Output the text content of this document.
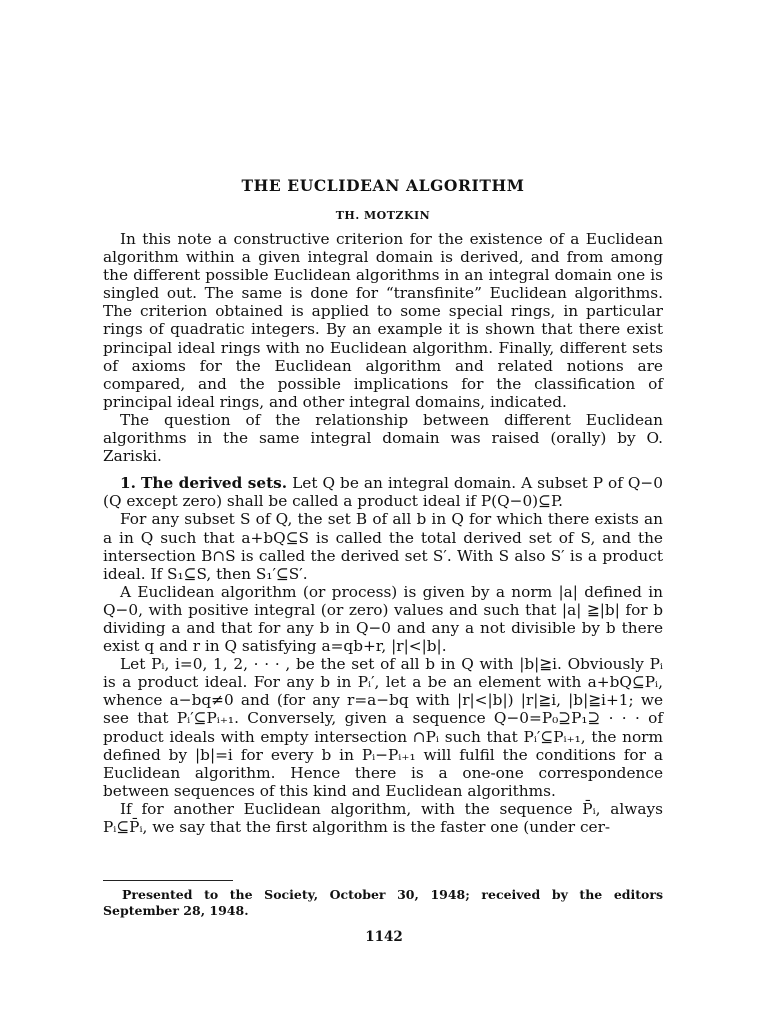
THE EUCLIDEAN ALGORITHM
TH. MOTZKIN

In this note a constructive criterion for the existence of a Euclidean algorithm within a given integral domain is derived, and from among the different possible Euclidean algorithms in an integral domain one is singled out. The same is done for “transfinite” Euclidean algorithms. The criterion obtained is applied to some special rings, in particular rings of quadratic integers. By an example it is shown that there exist principal ideal rings with no Euclidean algorithm. Finally, different sets of axioms for the Euclidean algorithm and related notions are compared, and the possible implications for the classification of principal ideal rings, and other integral domains, indicated.

The question of the relationship between different Euclidean algorithms in the same integral domain was raised (orally) by O. Zariski.

1. The derived sets. Let Q be an integral domain. A subset P of Q−0 (Q except zero) shall be called a product ideal if P(Q−0)⊆P.

For any subset S of Q, the set B of all b in Q for which there exists an a in Q such that a+bQ⊆S is called the total derived set of S, and the intersection B∩S is called the derived set S′. With S also S′ is a product ideal. If S₁⊆S, then S₁′⊆S′.

A Euclidean algorithm (or process) is given by a norm |a| defined in Q−0, with positive integral (or zero) values and such that |a| ≧|b| for b dividing a and that for any b in Q−0 and any a not divisible by b there exist q and r in Q satisfying a=qb+r, |r|<|b|.

Let Pᵢ, i=0, 1, 2, · · · , be the set of all b in Q with |b|≧i. Obviously Pᵢ is a product ideal. For any b in Pᵢ′, let a be an element with a+bQ⊆Pᵢ, whence a−bq≠0 and (for any r=a−bq with |r|<|b|) |r|≧i, |b|≧i+1; we see that Pᵢ′⊆Pᵢ₊₁. Conversely, given a sequence Q−0=P₀⊇P₁⊇ · · · of product ideals with empty intersection ∩Pᵢ such that Pᵢ′⊆Pᵢ₊₁, the norm defined by |b|=i for every b in Pᵢ−Pᵢ₊₁ will fulfil the conditions for a Euclidean algorithm. Hence there is a one-one correspondence between sequences of this kind and Euclidean algorithms.

If for another Euclidean algorithm, with the sequence P̄ᵢ, always Pᵢ⊆P̄ᵢ, we say that the first algorithm is the faster one (under cer-

Presented to the Society, October 30, 1948; received by the editors September 28, 1948.
1142
